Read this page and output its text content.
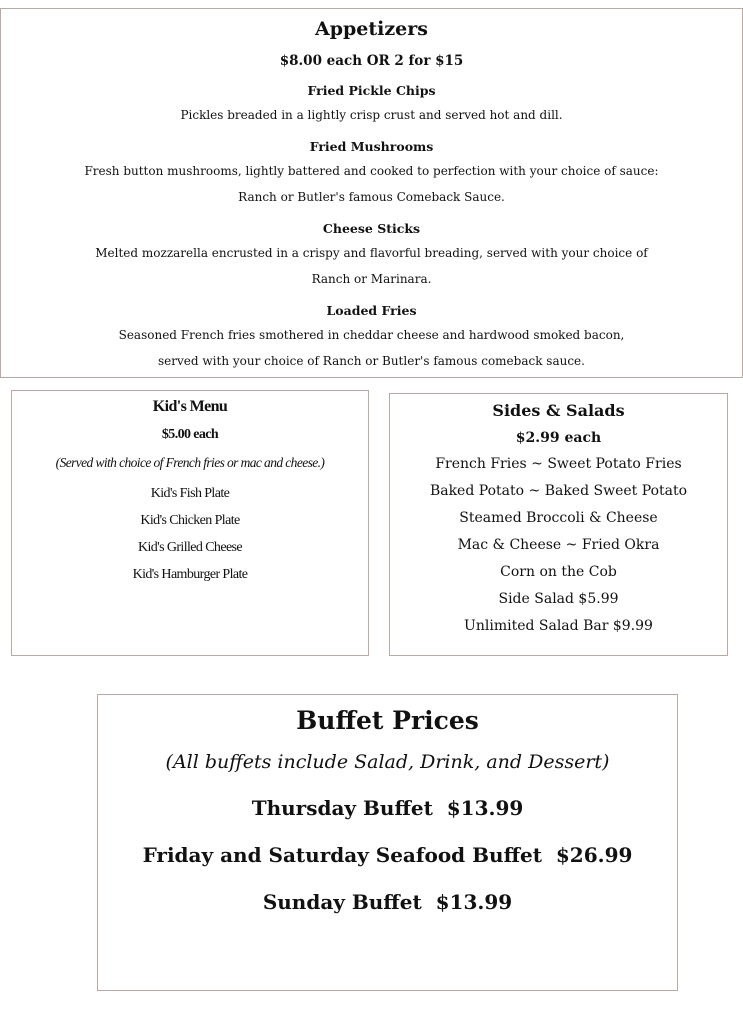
Appetizers
$8.00 each OR 2 for $15
Fried Pickle Chips
Pickles breaded in a lightly crisp crust and served hot and dill.
Fried Mushrooms
Fresh button mushrooms, lightly battered and cooked to perfection with your choice of sauce:
Ranch or Butler's famous Comeback Sauce.
Cheese Sticks
Melted mozzarella encrusted in a crispy and flavorful breading, served with your choice of
Ranch or Marinara.
Loaded Fries
Seasoned French fries smothered in cheddar cheese and hardwood smoked bacon,
served with your choice of Ranch or Butler's famous comeback sauce.
Kid's Menu
$5.00 each
(Served with choice of French fries or mac and cheese.)
Kid's Fish Plate
Kid's Chicken Plate
Kid's Grilled Cheese
Kid's Hamburger Plate
Sides & Salads
$2.99 each
French Fries ~ Sweet Potato Fries
Baked Potato ~ Baked Sweet Potato
Steamed Broccoli & Cheese
Mac & Cheese ~ Fried Okra
Corn on the Cob
Side Salad $5.99
Unlimited Salad Bar $9.99
Buffet Prices
(All buffets include Salad, Drink, and Dessert)
Thursday Buffet  $13.99
Friday and Saturday Seafood Buffet  $26.99
Sunday Buffet  $13.99
